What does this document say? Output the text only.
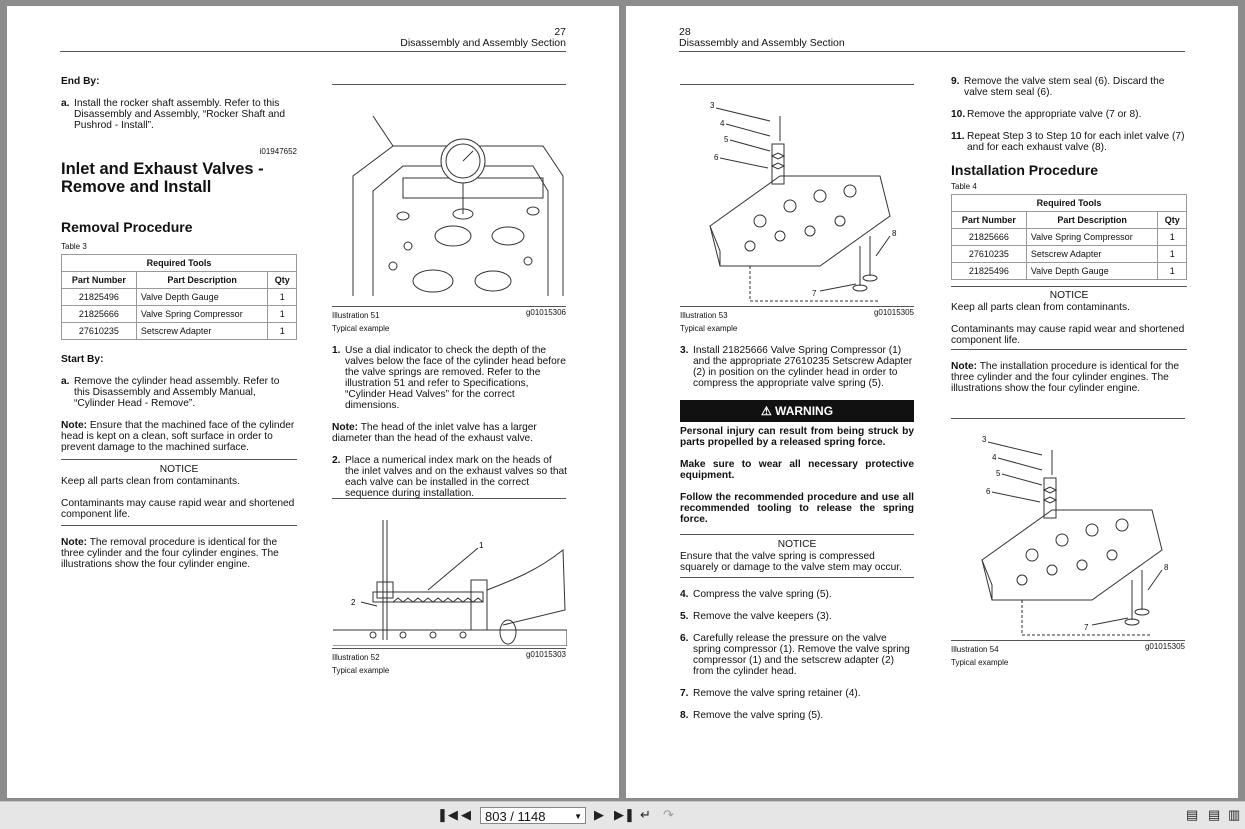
27
Disassembly and Assembly Section

End By:

a. Install the rocker shaft assembly. Refer to this Disassembly and Assembly, “Rocker Shaft and Pushrod - Install”.

i01947652

Inlet and Exhaust Valves -
Remove and Install

Removal Procedure

Table 3

Required Tools		
Part Number	Part Description	Qty
21825496	Valve Depth Gauge	1
21825666	Valve Spring Compressor	1
27610235	Setscrew Adapter	1

Start By:

a. Remove the cylinder head assembly. Refer to this Disassembly and Assembly Manual, “Cylinder Head - Remove”.

Note: Ensure that the machined face of the cylinder head is kept on a clean, soft surface in order to prevent damage to the machined surface.

NOTICE

Keep all parts clean from contaminants.

Contaminants may cause rapid wear and shortened component life.

Note: The removal procedure is identical for the three cylinder and the four cylinder engines. The illustrations show the four cylinder engine.

Illustration 51	g01015306
Typical example
1. Use a dial indicator to check the depth of the valves below the face of the cylinder head before the valve springs are removed. Refer to the illustration 51 and refer to Specifications, “Cylinder Head Valves” for the correct dimensions.

Note: The head of the inlet valve has a larger diameter than the head of the exhaust valve.

2. Place a numerical index mark on the heads of the inlet valves and on the exhaust valves so that each valve can be installed in the correct sequence during installation.
1
2
Illustration 52	g01015303
Typical example
28
Disassembly and Assembly Section
3
4
5
6
7
8
Illustration 53	g01015305
Typical example
3. Install 21825666 Valve Spring Compressor (1) and the appropriate 27610235 Setscrew Adapter (2) in position on the cylinder head in order to compress the appropriate valve spring (5).
⚠ WARNING

Personal injury can result from being struck by parts propelled by a released spring force.

Make sure to wear all necessary protective equipment.

Follow the recommended procedure and use all recommended tooling to release the spring force.

NOTICE

Ensure that the valve spring is compressed squarely or damage to the valve stem may occur.

4. Compress the valve spring (5).
5. Remove the valve keepers (3).
6. Carefully release the pressure on the valve spring compressor (1). Remove the valve spring compressor (1) and the setscrew adapter (2) from the cylinder head.
7. Remove the valve spring retainer (4).
8. Remove the valve spring (5).
9. Remove the valve stem seal (6). Discard the valve stem seal (6).
10. Remove the appropriate valve (7 or 8).
11. Repeat Step 3 to Step 10 for each inlet valve (7) and for each exhaust valve (8).

Installation Procedure

Table 4

Required Tools		
Part Number	Part Description	Qty
21825666	Valve Spring Compressor	1
27610235	Setscrew Adapter	1
21825496	Valve Depth Gauge	1

NOTICE

Keep all parts clean from contaminants.

Contaminants may cause rapid wear and shortened component life.

Note: The installation procedure is identical for the three cylinder and the four cylinder engines. The illustrations show the four cylinder engine.

3
4
5
6
7
8
Illustration 54	g01015305
Typical example
❚◀ ◀	803 / 1148	▼ ▶ ▶❚ ↵ ↷	▤ ▤ ▥
